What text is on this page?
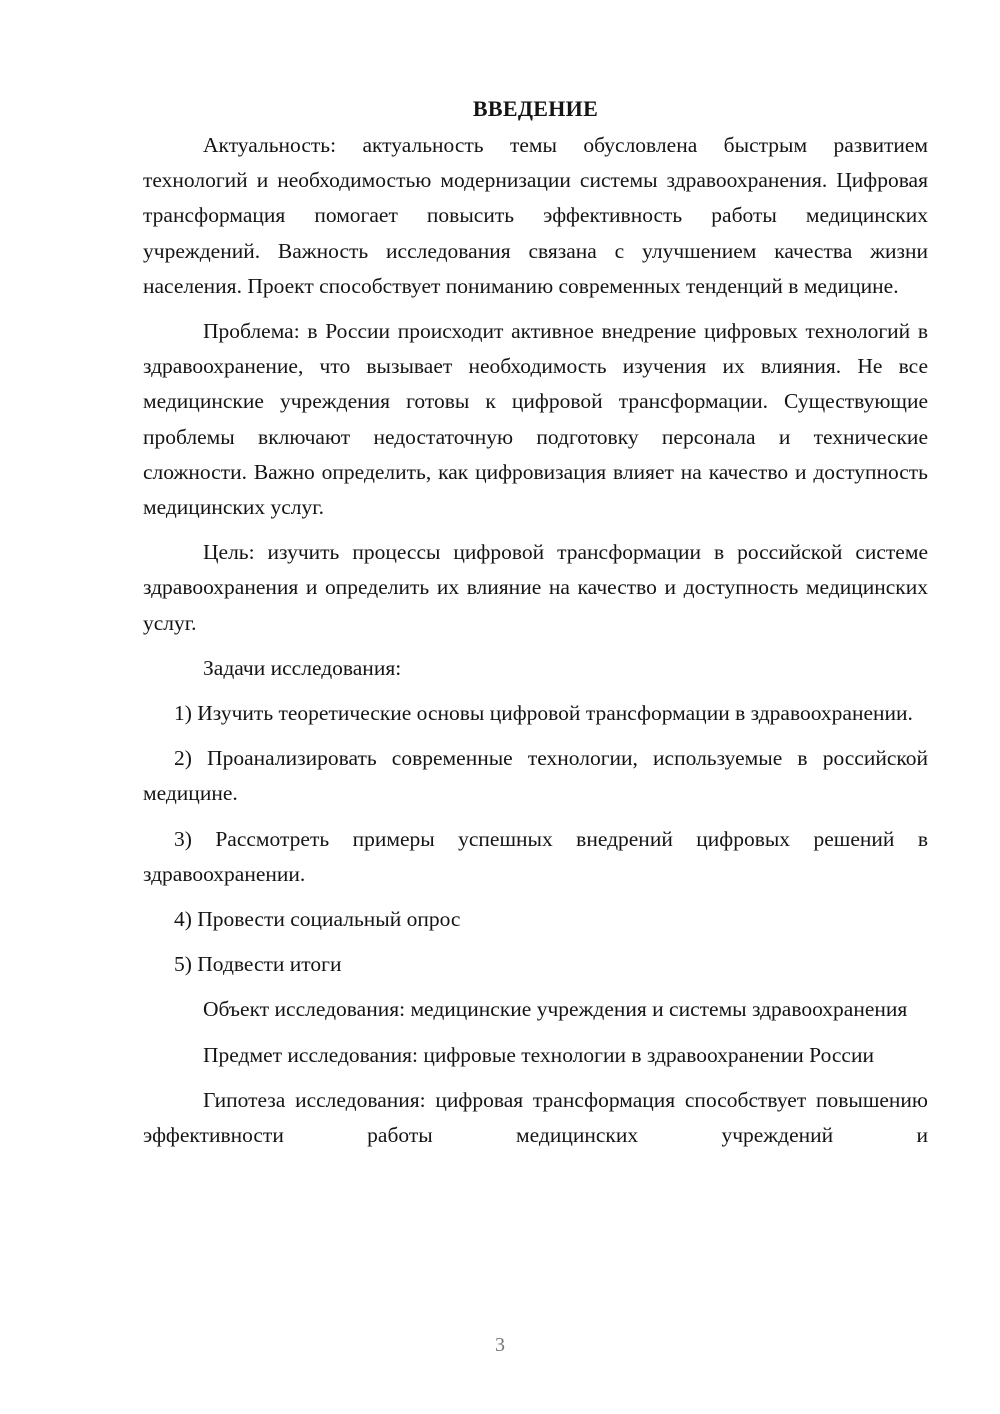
ВВЕДЕНИЕ

Актуальность: актуальность темы обусловлена быстрым развитием технологий и необходимостью модернизации системы здравоохранения. Цифровая трансформация помогает повысить эффективность работы медицинских учреждений. Важность исследования связана с улучшением качества жизни населения. Проект способствует пониманию современных тенденций в медицине.

Проблема: в России происходит активное внедрение цифровых технологий в здравоохранение, что вызывает необходимость изучения их влияния. Не все медицинские учреждения готовы к цифровой трансформации. Существующие проблемы включают недостаточную подготовку персонала и технические сложности. Важно определить, как цифровизация влияет на качество и доступность медицинских услуг.

Цель: изучить процессы цифровой трансформации в российской системе здравоохранения и определить их влияние на качество и доступность медицинских услуг.

Задачи исследования:

1) Изучить теоретические основы цифровой трансформации в здравоохранении.

2) Проанализировать современные технологии, используемые в российской медицине.

3) Рассмотреть примеры успешных внедрений цифровых решений в здравоохранении.

4) Провести социальный опрос

5) Подвести итоги

Объект исследования: медицинские учреждения и системы здравоохранения

Предмет исследования: цифровые технологии в здравоохранении России

Гипотеза исследования: цифровая трансформация способствует повышению эффективности работы медицинских учреждений и

3
